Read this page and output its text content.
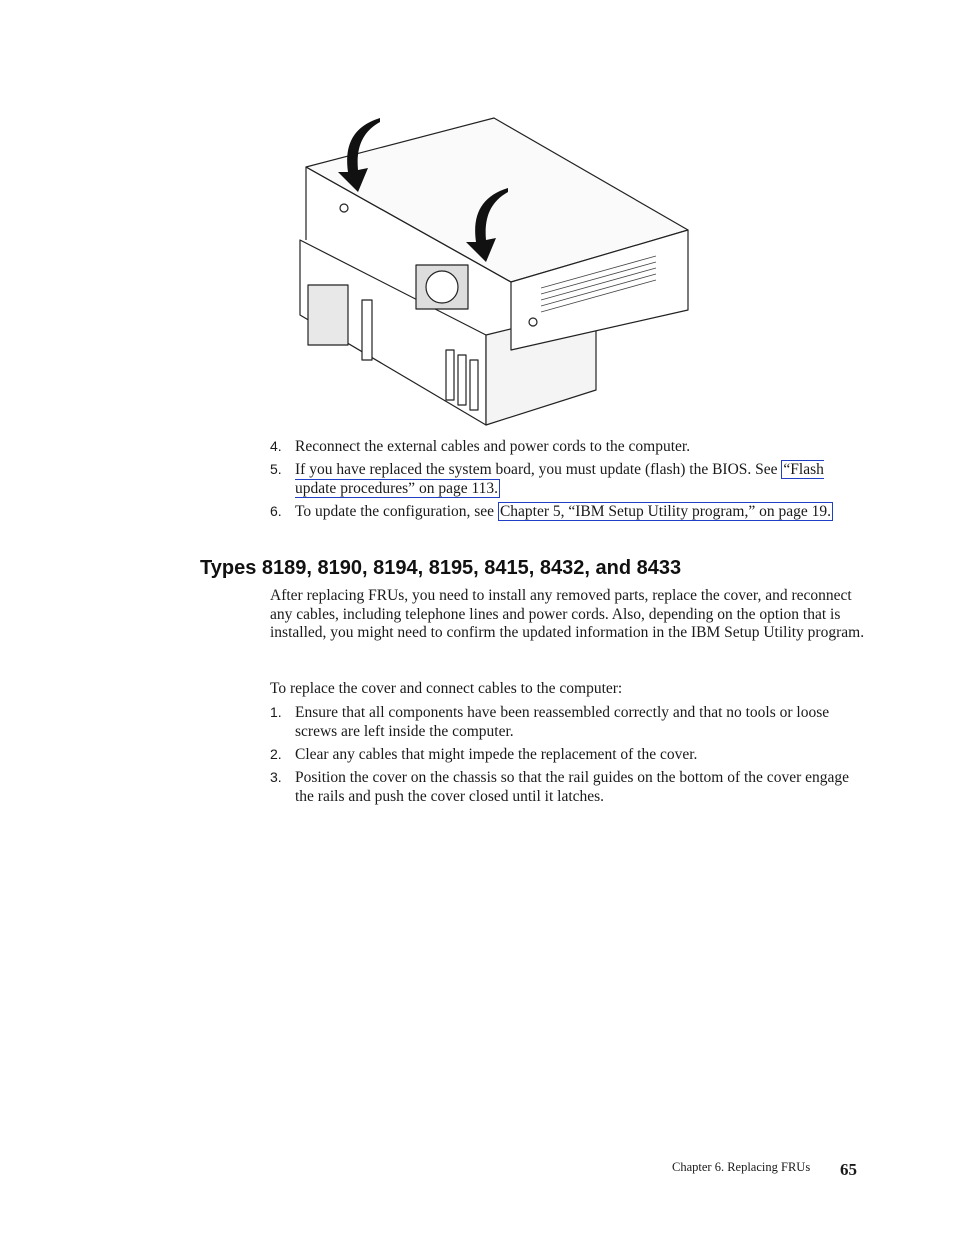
4. Reconnect the external cables and power cords to the computer.
5. If you have replaced the system board, you must update (flash) the BIOS. See “Flash update procedures” on page 113.
6. To update the configuration, see Chapter 5, “IBM Setup Utility program,” on page 19.
Types 8189, 8190, 8194, 8195, 8415, 8432, and 8433

After replacing FRUs, you need to install any removed parts, replace the cover, and reconnect any cables, including telephone lines and power cords. Also, depending on the option that is installed, you might need to confirm the updated information in the IBM Setup Utility program.

To replace the cover and connect cables to the computer:

1. Ensure that all components have been reassembled correctly and that no tools or loose screws are left inside the computer.
2. Clear any cables that might impede the replacement of the cover.
3. Position the cover on the chassis so that the rail guides on the bottom of the cover engage the rails and push the cover closed until it latches.
Chapter 6. Replacing FRUs 65
